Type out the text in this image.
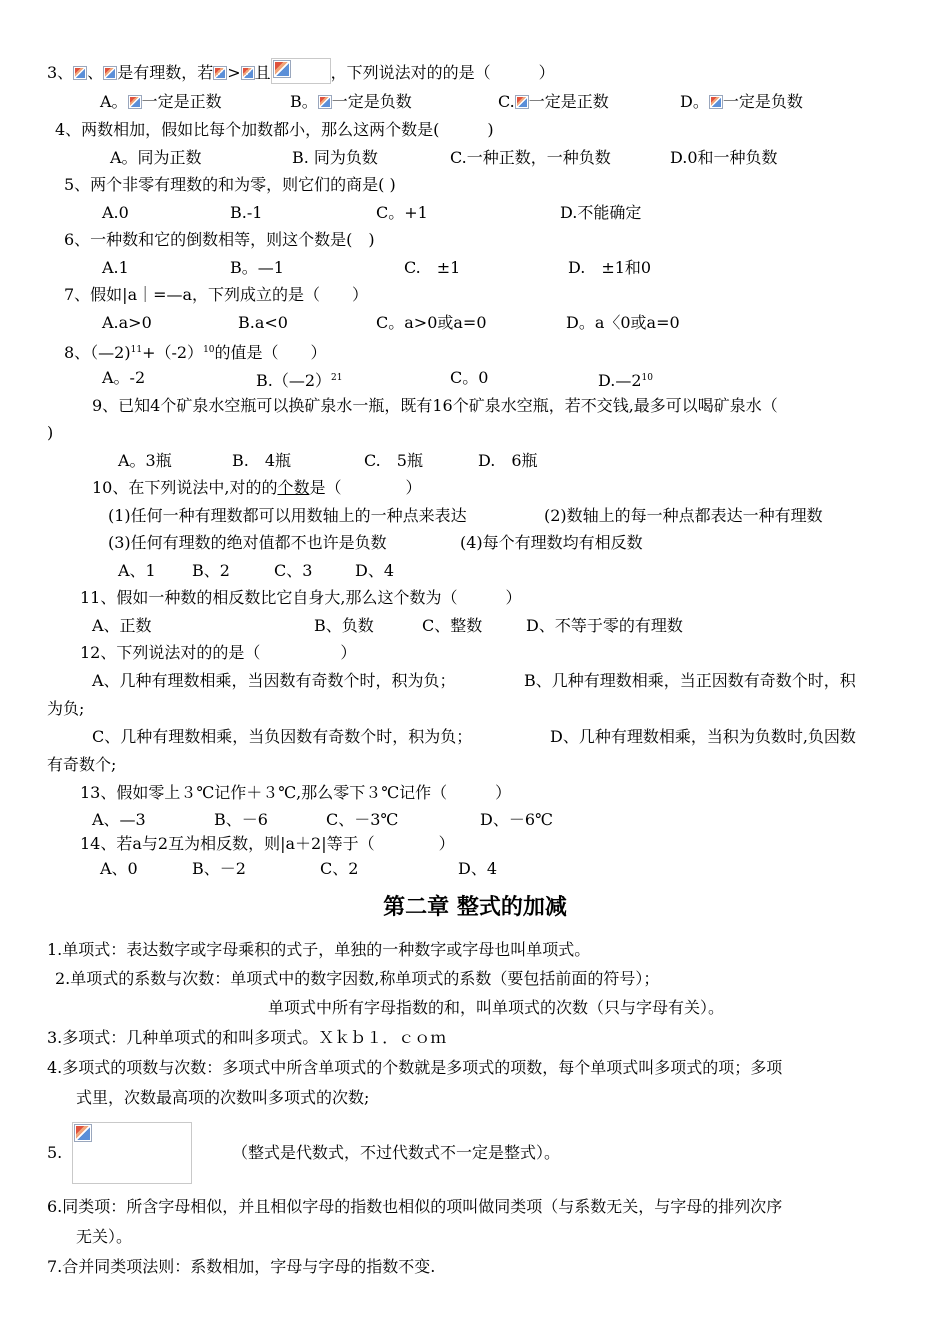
3、 、 是有理数，若 > 且	，下列说法对的的是（　　　）
A。 一定是正数	B。 一定是负数	C. 一定是正数	D。 一定是负数
4、两数相加，假如比每个加数都小，那么这两个数是(　　　)
A。同为正数	B. 同为负数	C.一种正数，一种负数	D.0和一种负数
5、两个非零有理数的和为零，则它们的商是( )
A.0	B.-1	C。+1	D.不能确定
6、一种数和它的倒数相等，则这个数是(　)
A.1	B。—1	C.　±1	D.　±1和0
7、假如|a｜=—a，下列成立的是（　　）
A.a>0	B.a<0	C。a>0或a=0	D。a〈0或a=0
8、$(—2)^{11}+(-2)^{10}$的值是（　　）
A。-2	B.（—2）$^{21}$	C。0	$D.—2^{10}$
9、已知4个矿泉水空瓶可以换矿泉水一瓶，既有16个矿泉水空瓶，若不交钱,最多可以喝矿泉水（
)
A。3瓶	B.　4瓶	C.　5瓶	D.　6瓶
10、在下列说法中,对的的个数是（　　　　）
(1)任何一种有理数都可以用数轴上的一种点来表达	(2)数轴上的每一种点都表达一种有理数
(3)任何有理数的绝对值都不也许是负数	(4)每个有理数均有相反数
A、1 B、2	C、3	D、4
11、假如一种数的相反数比它自身大,那么这个数为（　　　）
A、正数	B、负数	C、整数	D、不等于零的有理数
12、下列说法对的的是（　　　　　）
A、几种有理数相乘，当因数有奇数个时，积为负；	B、几种有理数相乘，当正因数有奇数个时，积
为负;
C、几种有理数相乘，当负因数有奇数个时，积为负；	D、几种有理数相乘，当积为负数时,负因数
有奇数个;
13、假如零上３℃记作＋３℃,那么零下３℃记作（　　　）
A、—3	B、－6	C、－3℃	D、－6℃
14、若a与2互为相反数，则|a＋2|等于（　　　　）
A、0	B、－2	C、2	D、4
第二章 整式的加减
1.单项式：表达数字或字母乘积的式子，单独的一种数字或字母也叫单项式。
2.单项式的系数与次数：单项式中的数字因数,称单项式的系数（要包括前面的符号）；
单项式中所有字母指数的和，叫单项式的次数（只与字母有关）。
3.多项式：几种单项式的和叫多项式。Ｘｋｂ１．ｃｏｍ
4.多项式的项数与次数：多项式中所含单项式的个数就是多项式的项数，每个单项式叫多项式的项；多项
式里，次数最高项的次数叫多项式的次数;
5.	（整式是代数式，不过代数式不一定是整式）。
6.同类项：所含字母相似，并且相似字母的指数也相似的项叫做同类项（与系数无关，与字母的排列次序
无关）。
7.合并同类项法则：系数相加，字母与字母的指数不变.
